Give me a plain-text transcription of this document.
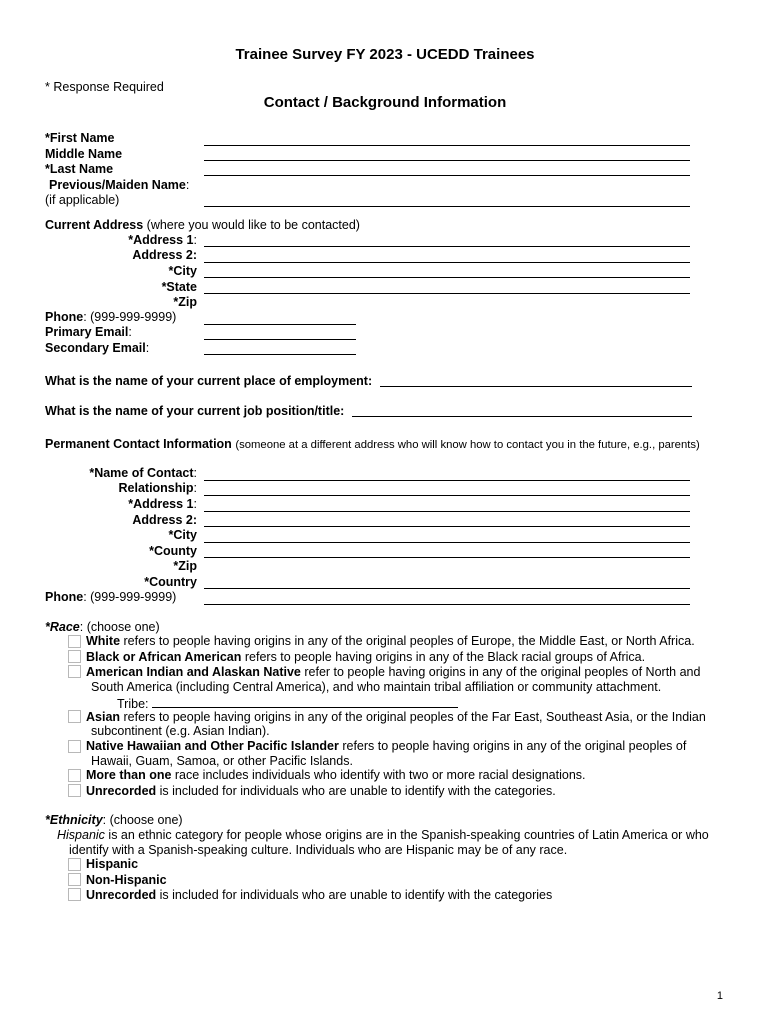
Trainee Survey FY 2023 - UCEDD Trainees
* Response Required
Contact / Background Information
*First Name
Middle Name
*Last Name
Previous/Maiden Name:
(if applicable)
Current Address (where you would like to be contacted)
*Address 1:
Address 2:
*City
*State
*Zip
Phone: (999-999-9999)
Primary Email:
Secondary Email:
What is the name of your current place of employment:
What is the name of your current job position/title:
Permanent Contact Information (someone at a different address who will know how to contact you in the future, e.g., parents)
*Name of Contact:
Relationship:
*Address 1:
Address 2:
*City
*County
*Zip
*Country
Phone: (999-999-9999)
*Race: (choose one)
White refers to people having origins in any of the original peoples of Europe, the Middle East, or North Africa.
Black or African American refers to people having origins in any of the Black racial groups of Africa.
American Indian and Alaskan Native refer to people having origins in any of the original peoples of North and
South America (including Central America), and who maintain tribal affiliation or community attachment.
Tribe:
Asian refers to people having origins in any of the original peoples of the Far East, Southeast Asia, or the Indian
subcontinent (e.g. Asian Indian).
Native Hawaiian and Other Pacific Islander refers to people having origins in any of the original peoples of
Hawaii, Guam, Samoa, or other Pacific Islands.
More than one race includes individuals who identify with two or more racial designations.
Unrecorded is included for individuals who are unable to identify with the categories.
*Ethnicity: (choose one)
Hispanic is an ethnic category for people whose origins are in the Spanish-speaking countries of Latin America or who
identify with a Spanish-speaking culture. Individuals who are Hispanic may be of any race.
Hispanic
Non-Hispanic
Unrecorded is included for individuals who are unable to identify with the categories
1
